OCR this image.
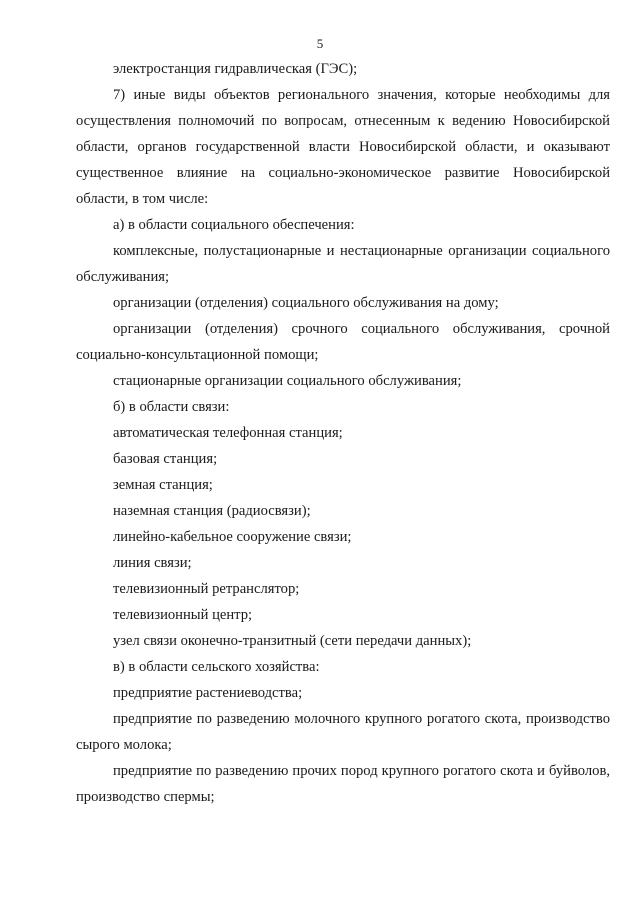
5

электростанция гидравлическая (ГЭС);

7) иные виды объектов регионального значения, которые необходимы для осуществления полномочий по вопросам, отнесенным к ведению Новосибирской области, органов государственной власти Новосибирской области, и оказывают существенное влияние на социально-экономическое развитие Новосибирской области, в том числе:

а) в области социального обеспечения:

комплексные, полустационарные и нестационарные организации социального обслуживания;

организации (отделения) социального обслуживания на дому;

организации (отделения) срочного социального обслуживания, срочной социально-консультационной помощи;

стационарные организации социального обслуживания;

б) в области связи:

автоматическая телефонная станция;

базовая станция;

земная станция;

наземная станция (радиосвязи);

линейно-кабельное сооружение связи;

линия связи;

телевизионный ретранслятор;

телевизионный центр;

узел связи оконечно-транзитный (сети передачи данных);

в) в области сельского хозяйства:

предприятие растениеводства;

предприятие по разведению молочного крупного рогатого скота, производство сырого молока;

предприятие по разведению прочих пород крупного рогатого скота и буйволов, производство спермы;
